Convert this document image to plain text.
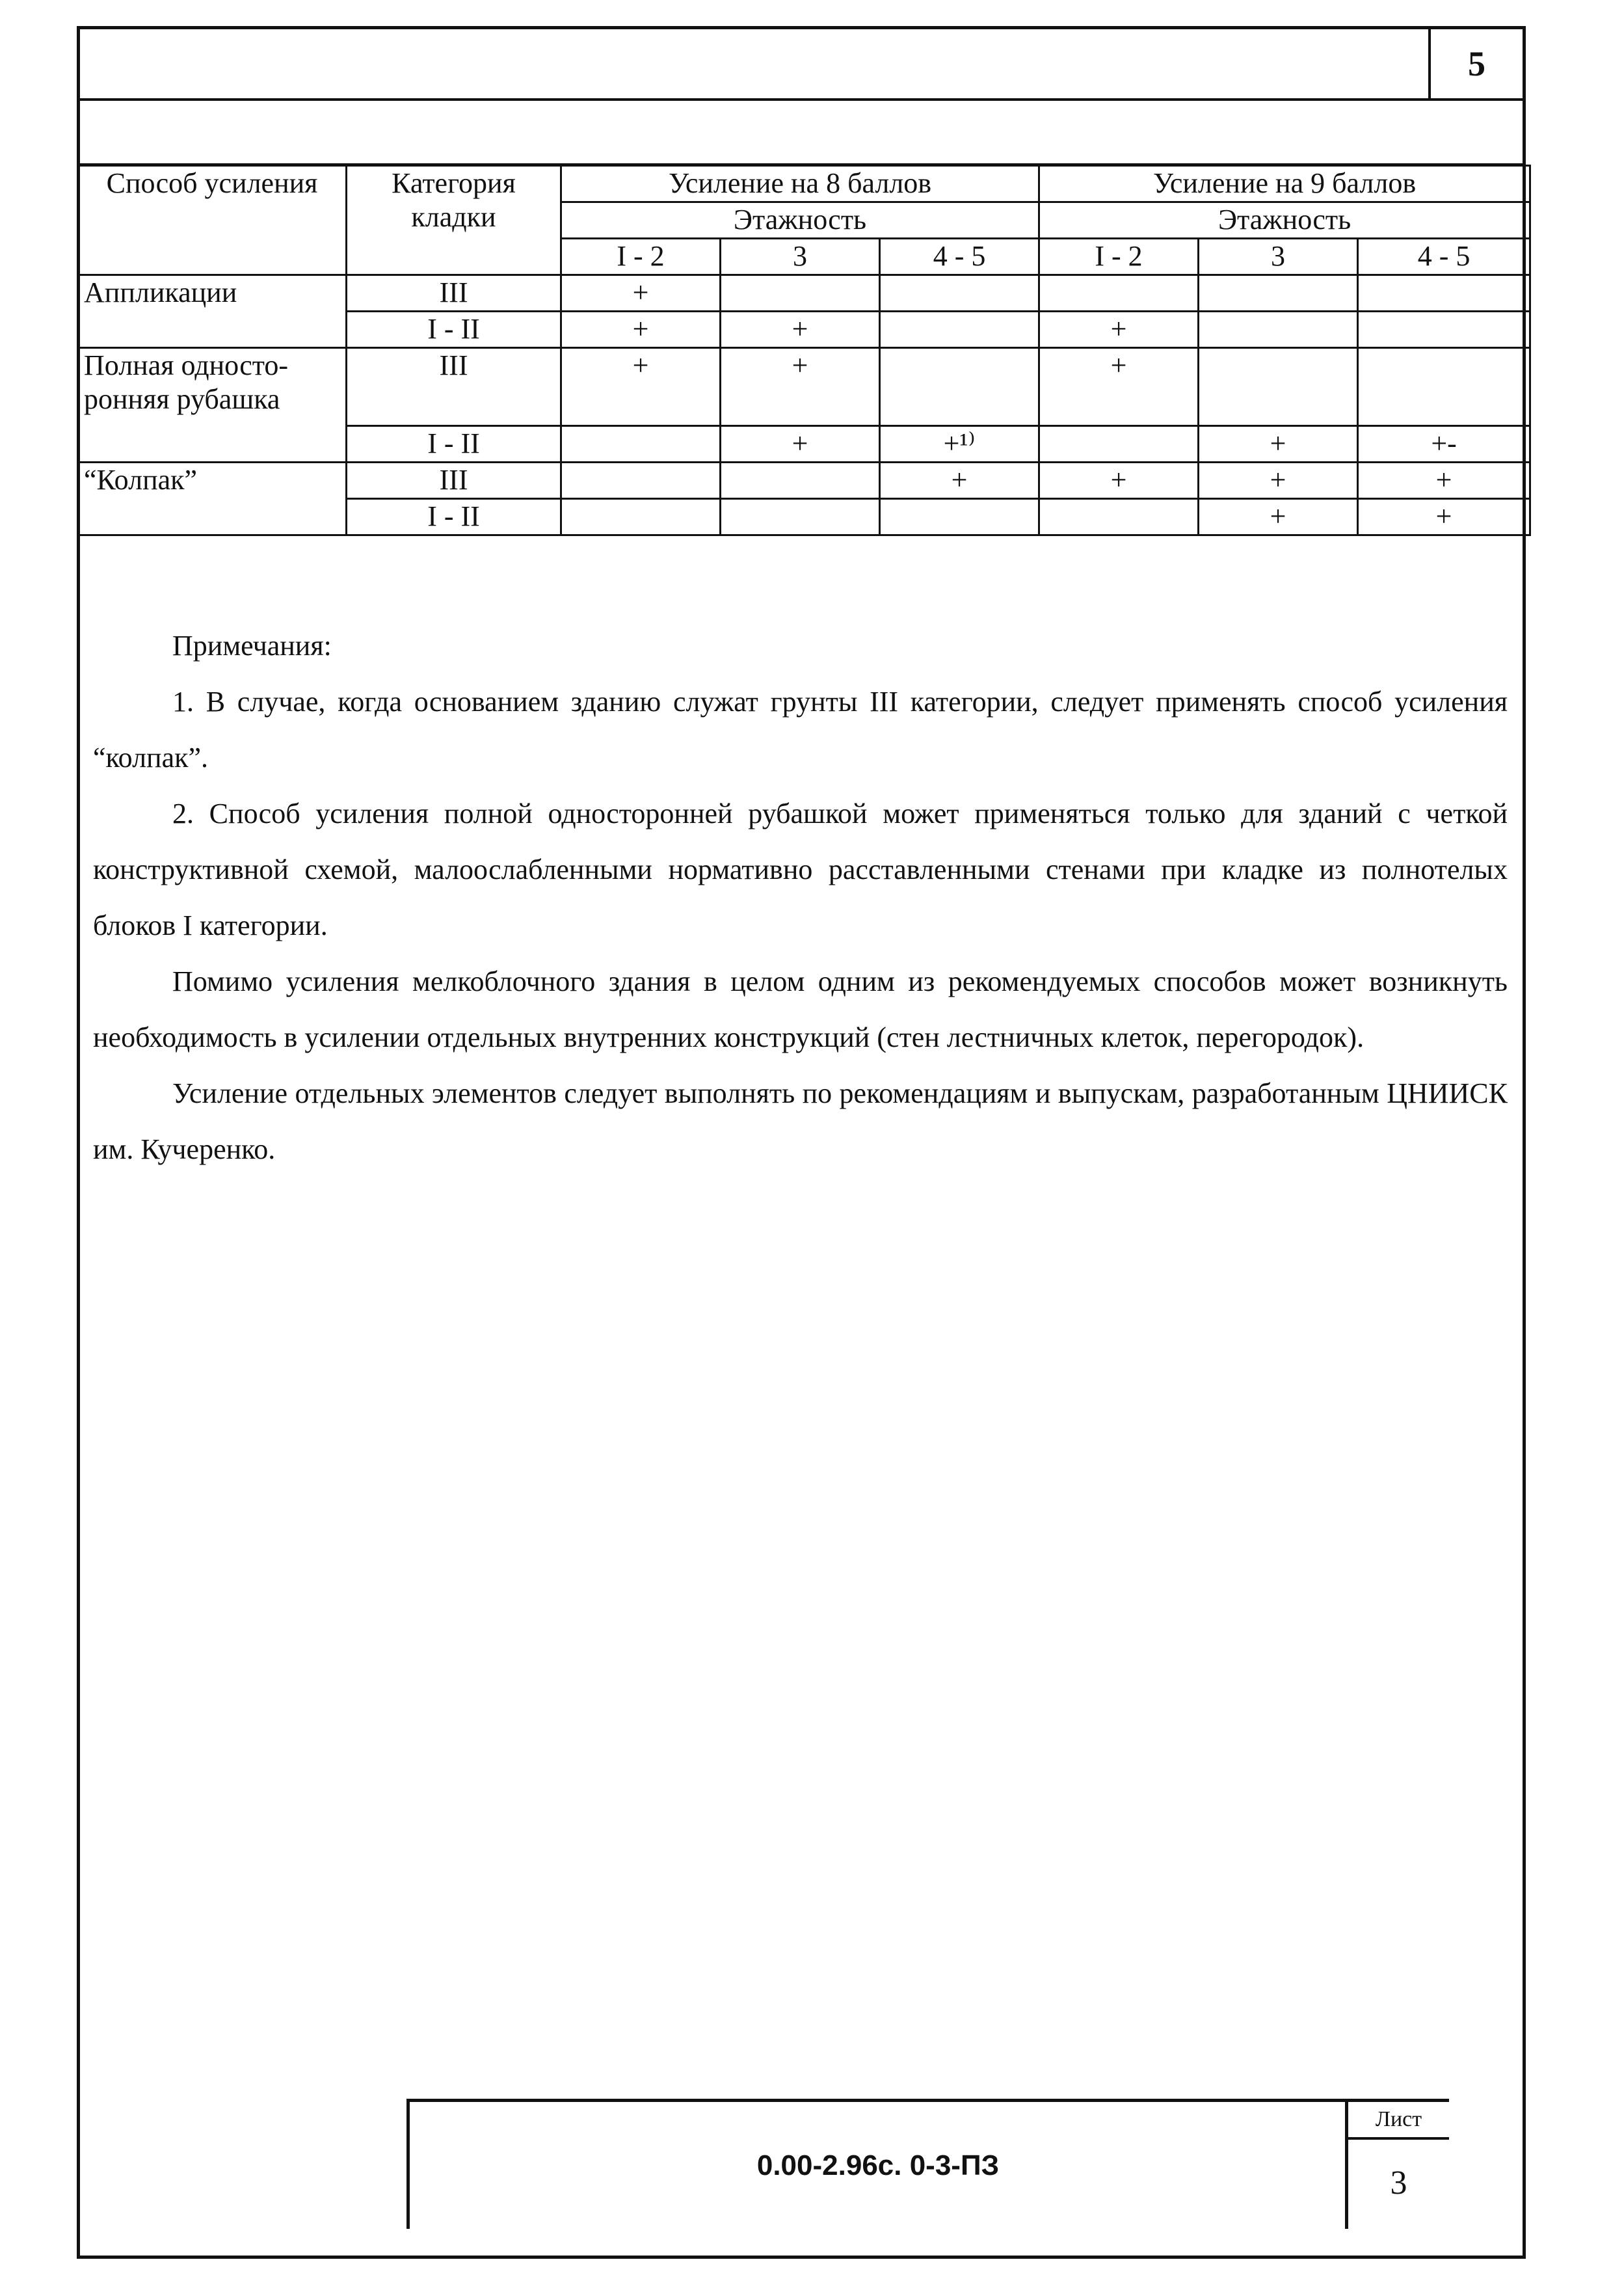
5
Способ усиления	Категория кладки	Усиление на 8 баллов			Усиление на 9 баллов		
		Этажность			Этажность		
		I - 2	3	4 - 5	I - 2	3	4 - 5
Аппликации	III	+					
	I - II	+	+		+		
Полная односто-ронняя рубашка	III	+	+		+		
	I - II		+	+¹⁾		+	+-
“Колпак”	III			+	+	+	+
	I - II					+	+

Примечания:

1. В случае, когда основанием зданию служат грунты III категории, следует применять способ усиления “колпак”.

2. Способ усиления полной односторонней рубашкой может применяться только для зданий с четкой конструктивной схемой, малоослабленными нормативно расставленными стенами при кладке из полнотелых блоков I категории.

Помимо усиления мелкоблочного здания в целом одним из рекомендуемых способов может возникнуть необходимость в усилении отдельных внутренних конструкций (стен лестничных клеток, перегородок).

Усиление отдельных элементов следует выполнять по рекомендациям и выпускам, разработанным ЦНИИСК им. Кучеренко.

0.00-2.96с. 0-3-ПЗ
Лист
3
